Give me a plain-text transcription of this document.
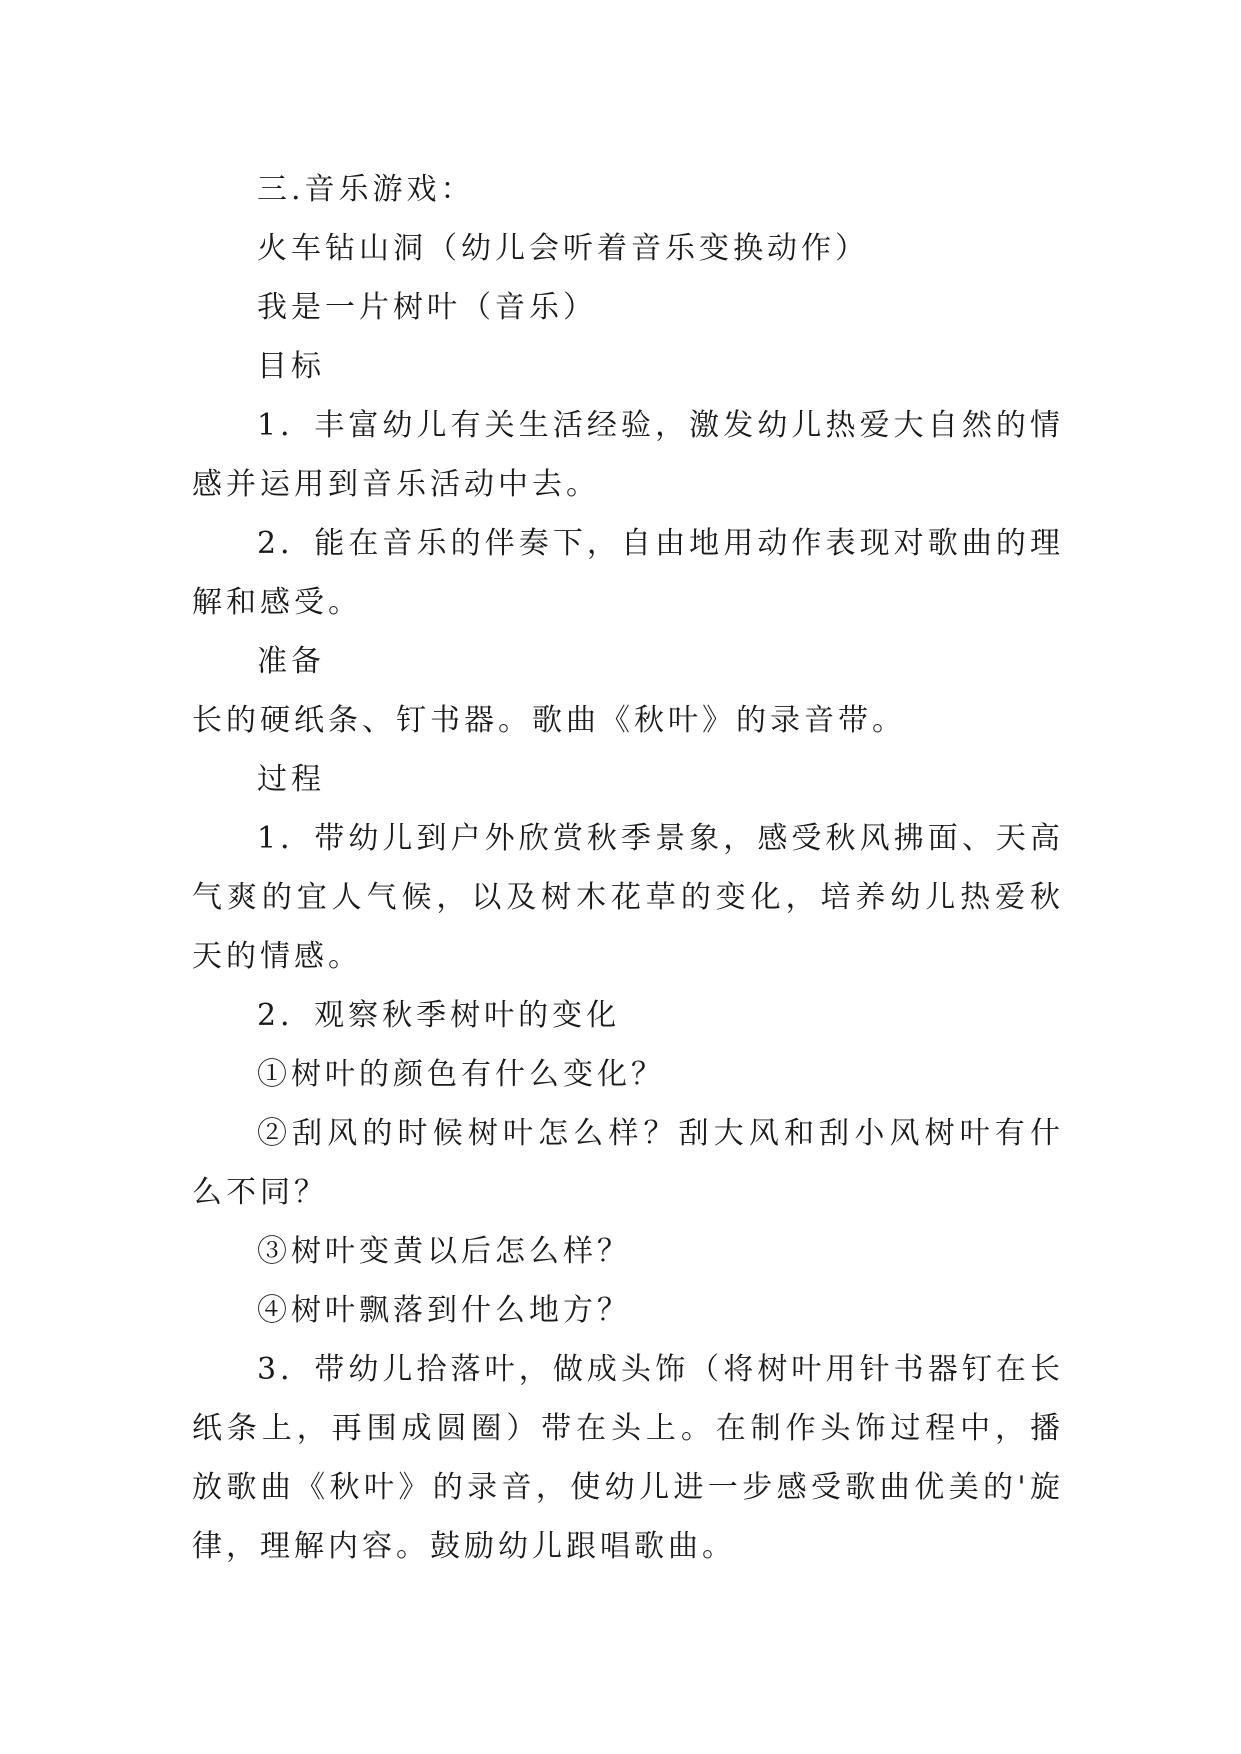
三.音乐游戏：

火车钻山洞（幼儿会听着音乐变换动作）

我是一片树叶（音乐）

目标

1．丰富幼儿有关生活经验，激发幼儿热爱大自然的情感并运用到音乐活动中去。

2．能在音乐的伴奏下，自由地用动作表现对歌曲的理解和感受。

准备

长的硬纸条、钉书器。歌曲《秋叶》的录音带。

过程

1．带幼儿到户外欣赏秋季景象，感受秋风拂面、天高气爽的宜人气候，以及树木花草的变化，培养幼儿热爱秋天的情感。

2．观察秋季树叶的变化

①树叶的颜色有什么变化？

②刮风的时候树叶怎么样？刮大风和刮小风树叶有什么不同？

③树叶变黄以后怎么样？

④树叶飘落到什么地方？

3．带幼儿拾落叶，做成头饰（将树叶用针书器钉在长纸条上，再围成圆圈）带在头上。在制作头饰过程中，播放歌曲《秋叶》的录音，使幼儿进一步感受歌曲优美的'旋律，理解内容。鼓励幼儿跟唱歌曲。
